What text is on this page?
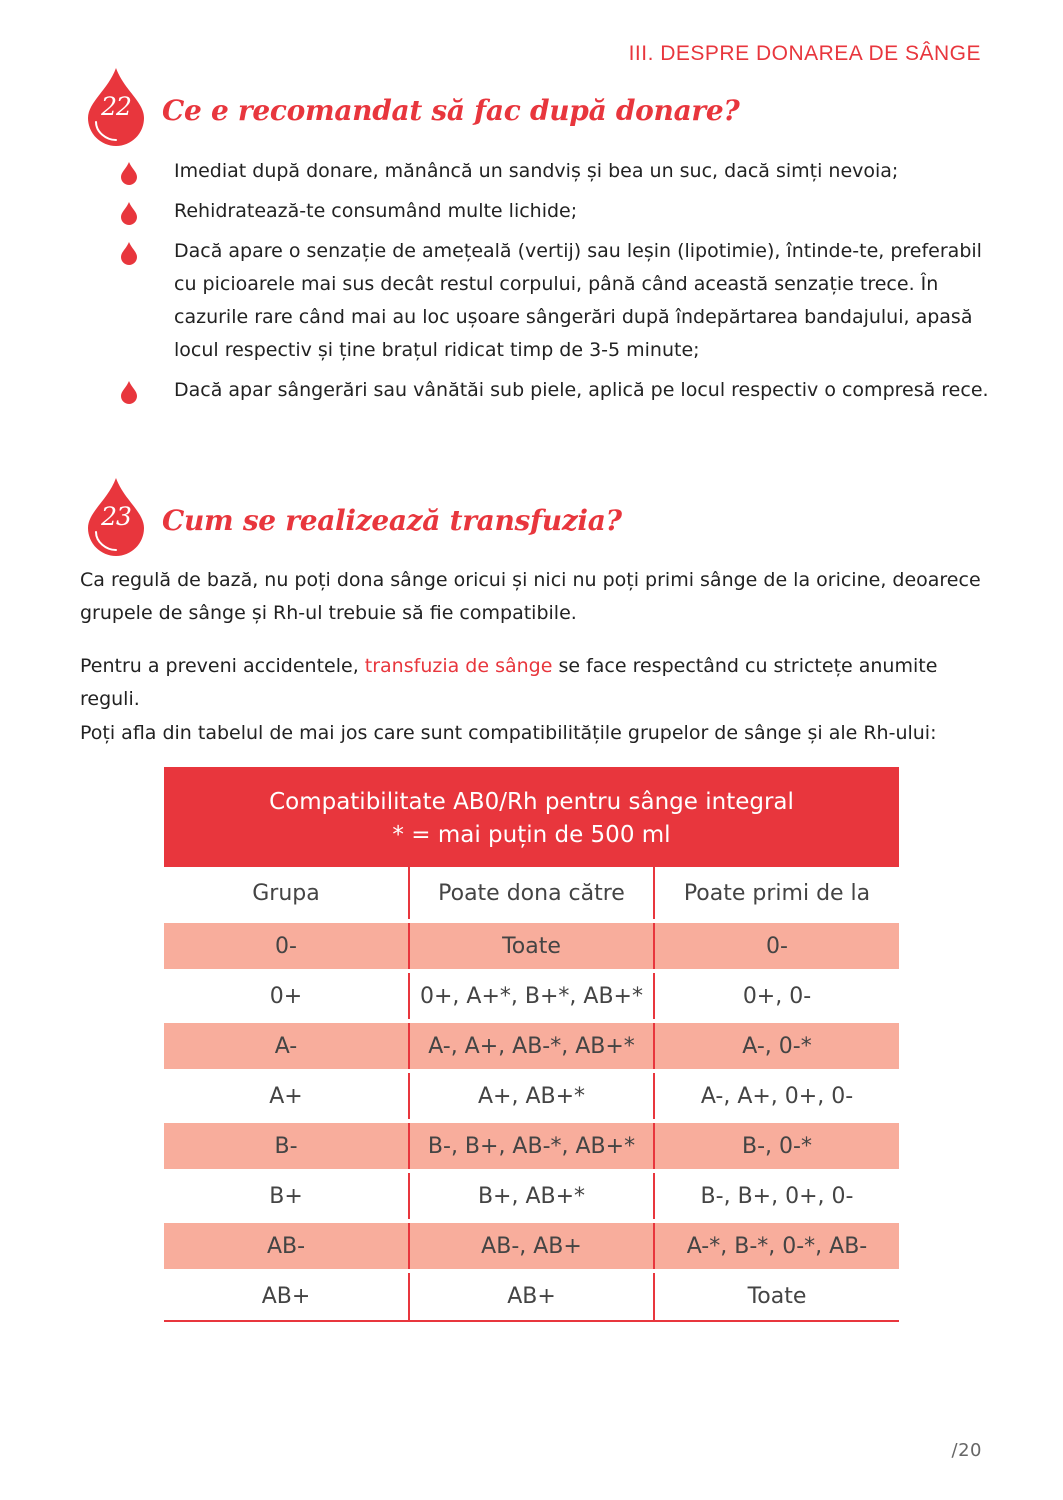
III. DESPRE DONAREA DE SÂNGE
22	Ce e recomandat să fac după donare?
Imediat după donare, mănâncă un sandviș și bea un suc, dacă simți nevoia;
Rehidratează-te consumând multe lichide;
Dacă apare o senzație de amețeală (vertij) sau leșin (lipotimie), întinde-te, preferabil cu picioarele mai sus decât restul corpului, până când această senzație trece. În cazurile rare când mai au loc ușoare sângerări după îndepărtarea bandajului, apasă locul respectiv și ține brațul ridicat timp de 3-5 minute;
Dacă apar sângerări sau vânătăi sub piele, aplică pe locul respectiv o compresă rece.
23	Cum se realizează transfuzia?

Ca regulă de bază, nu poți dona sânge oricui și nici nu poți primi sânge de la oricine, deoarece grupele de sânge și Rh-ul trebuie să fie compatibile.

Pentru a preveni accidentele, transfuzia de sânge se face respectând cu strictețe anumite reguli.

Poți afla din tabelul de mai jos care sunt compatibilitățile grupelor de sânge și ale Rh-ului:

Compatibilitate AB0/Rh pentru sânge integral
* = mai puțin de 500 ml		

Grupa	Poate dona către	Poate primi de la
0-	Toate	0-
0+	0+, A+*, B+*, AB+*	0+, 0-
A-	A-, A+, AB-*, AB+*	A-, 0-*
A+	A+, AB+*	A-, A+, 0+, 0-
B-	B-, B+, AB-*, AB+*	B-, 0-*
B+	B+, AB+*	B-, B+, 0+, 0-
AB-	AB-, AB+	A-*, B-*, 0-*, AB-
AB+	AB+	Toate
/20
